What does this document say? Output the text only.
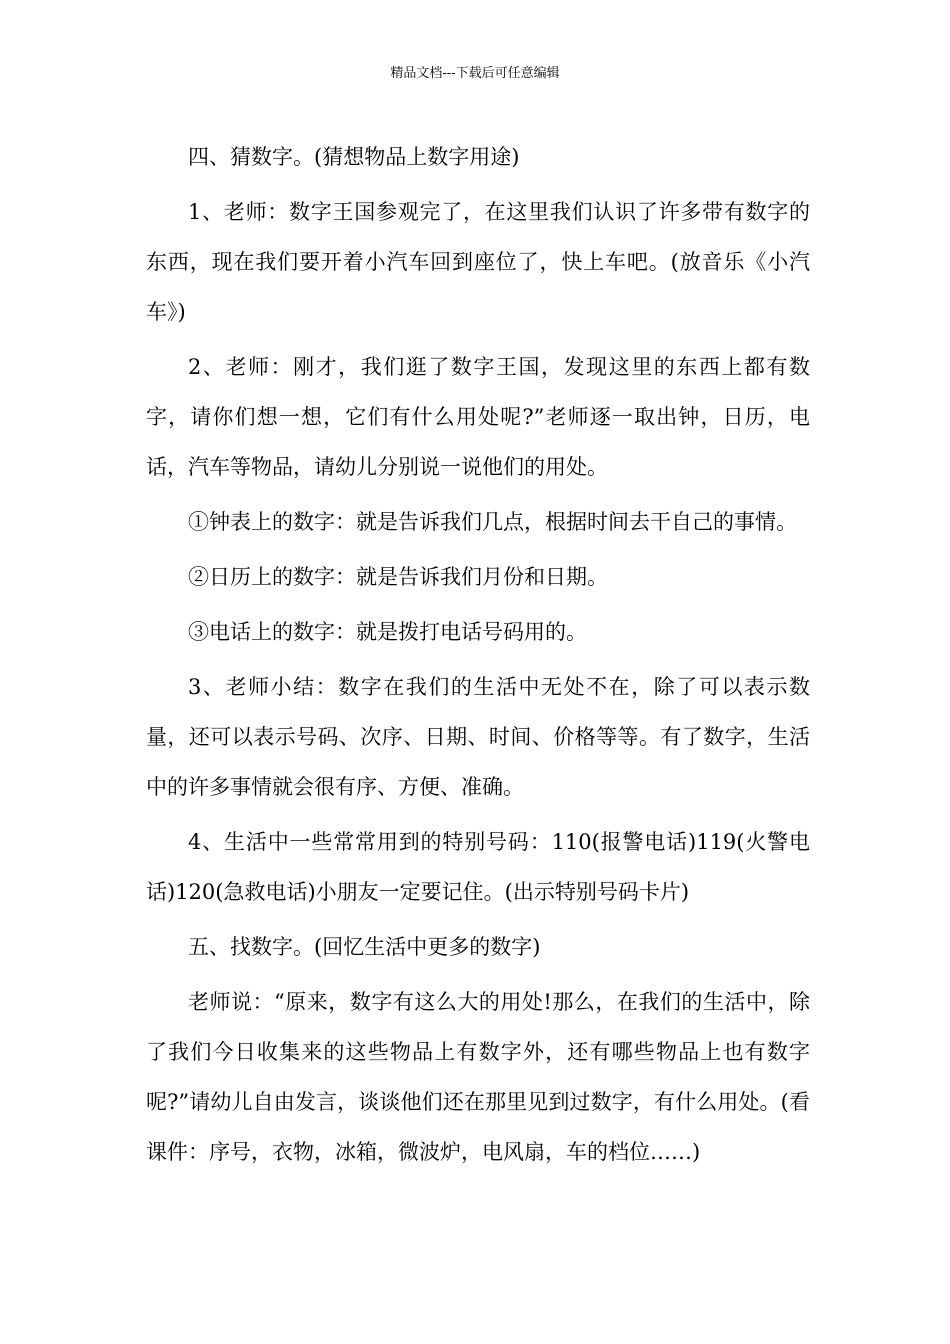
精品文档---下载后可任意编辑

四、猜数字。(猜想物品上数字用途)

1、老师：数字王国参观完了，在这里我们认识了许多带有数字的东西，现在我们要开着小汽车回到座位了，快上车吧。(放音乐《小汽车》)

2、老师：刚才，我们逛了数字王国，发现这里的东西上都有数字，请你们想一想，它们有什么用处呢?”老师逐一取出钟，日历，电话，汽车等物品，请幼儿分别说一说他们的用处。

①钟表上的数字：就是告诉我们几点，根据时间去干自己的事情。

②日历上的数字：就是告诉我们月份和日期。

③电话上的数字：就是拨打电话号码用的。

3、老师小结：数字在我们的生活中无处不在，除了可以表示数量，还可以表示号码、次序、日期、时间、价格等等。有了数字，生活中的许多事情就会很有序、方便、准确。

4、生活中一些常常用到的特别号码：110(报警电话)119(火警电话)120(急救电话)小朋友一定要记住。(出示特别号码卡片)

五、找数字。(回忆生活中更多的数字)

老师说：“原来，数字有这么大的用处!那么，在我们的生活中，除了我们今日收集来的这些物品上有数字外，还有哪些物品上也有数字呢?”请幼儿自由发言，谈谈他们还在那里见到过数字，有什么用处。(看课件：序号，衣物，冰箱，微波炉，电风扇，车的档位……)
